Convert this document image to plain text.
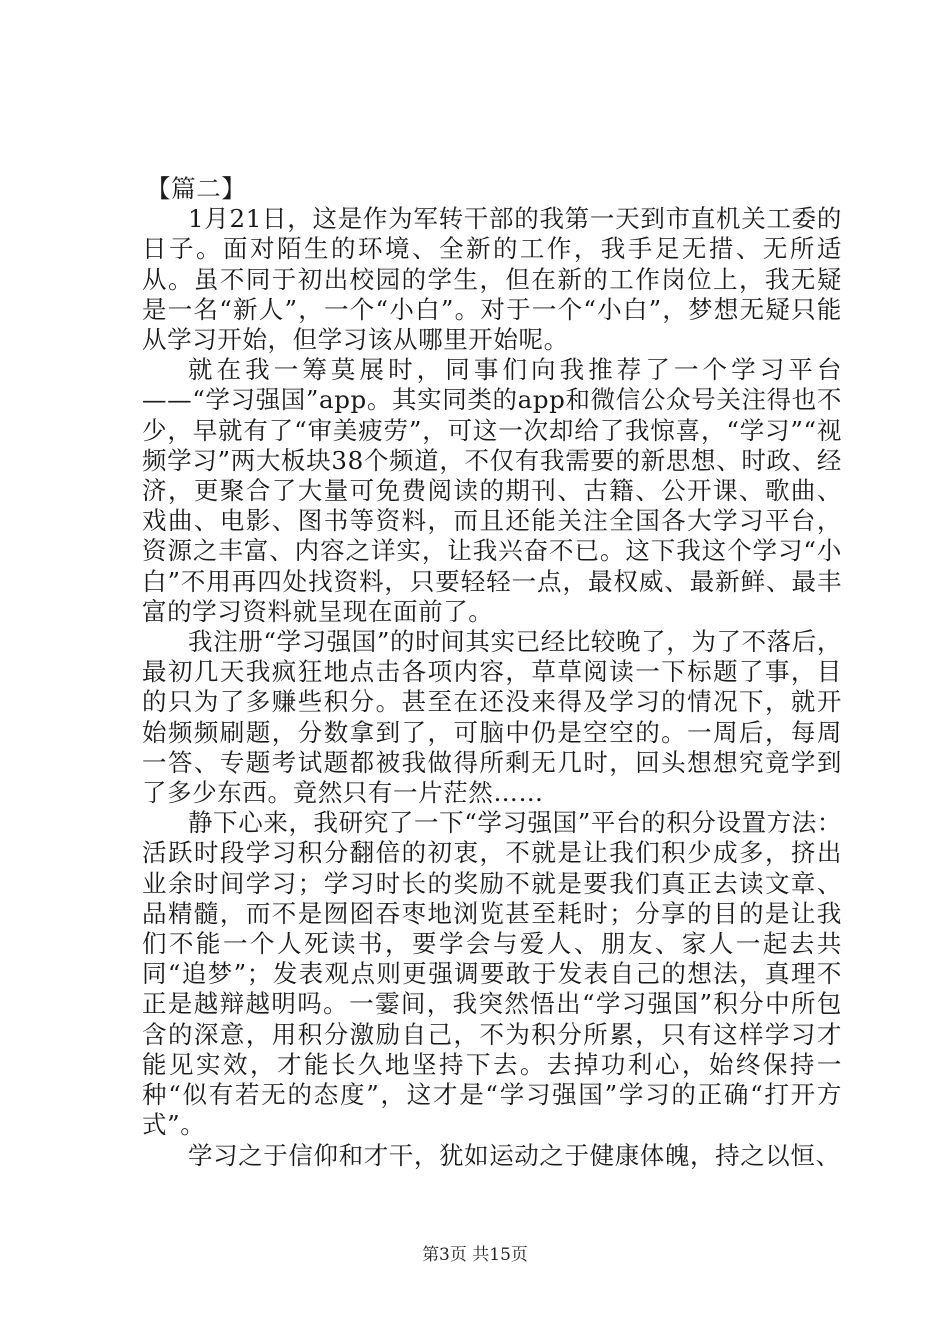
【篇二】

1月21日，这是作为军转干部的我第一天到市直机关工委的日子。面对陌生的环境、全新的工作，我手足无措、无所适从。虽不同于初出校园的学生，但在新的工作岗位上，我无疑是一名“新人”，一个“小白”。对于一个“小白”，梦想无疑只能从学习开始，但学习该从哪里开始呢。

就在我一筹莫展时，同事们向我推荐了一个学习平台——“学习强国”app。其实同类的app和微信公众号关注得也不少，早就有了“审美疲劳”，可这一次却给了我惊喜，“学习”“视频学习”两大板块38个频道，不仅有我需要的新思想、时政、经济，更聚合了大量可免费阅读的期刊、古籍、公开课、歌曲、戏曲、电影、图书等资料，而且还能关注全国各大学习平台，资源之丰富、内容之详实，让我兴奋不已。这下我这个学习“小白”不用再四处找资料，只要轻轻一点，最权威、最新鲜、最丰富的学习资料就呈现在面前了。

我注册“学习强国”的时间其实已经比较晚了，为了不落后，最初几天我疯狂地点击各项内容，草草阅读一下标题了事，目的只为了多赚些积分。甚至在还没来得及学习的情况下，就开始频频刷题，分数拿到了，可脑中仍是空空的。一周后，每周一答、专题考试题都被我做得所剩无几时，回头想想究竟学到了多少东西。竟然只有一片茫然……

静下心来，我研究了一下“学习强国”平台的积分设置方法：活跃时段学习积分翻倍的初衷，不就是让我们积少成多，挤出业余时间学习；学习时长的奖励不就是要我们真正去读文章、品精髓，而不是囫囵吞枣地浏览甚至耗时；分享的目的是让我们不能一个人死读书，要学会与爱人、朋友、家人一起去共同“追梦”；发表观点则更强调要敢于发表自己的想法，真理不正是越辩越明吗。一霎间，我突然悟出“学习强国”积分中所包含的深意，用积分激励自己，不为积分所累，只有这样学习才能见实效，才能长久地坚持下去。去掉功利心，始终保持一种“似有若无的态度”，这才是“学习强国”学习的正确“打开方式”。

学习之于信仰和才干，犹如运动之于健康体魄，持之以恒、

第3页 共15页
